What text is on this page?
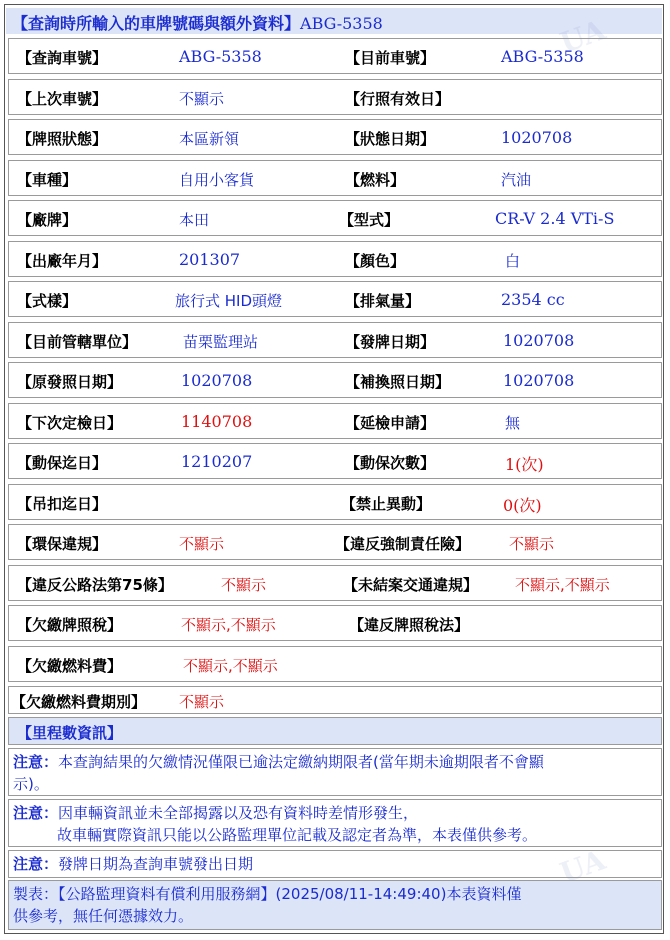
【查詢時所輸入的車牌號碼與額外資料】ABG-5358
【查詢車號】	ABG-5358	【目前車號】	ABG-5358
【上次車號】	不顯示	【行照有效日】
【牌照狀態】	本區新領	【狀態日期】	1020708
【車種】	自用小客貨	【燃料】	汽油
【廠牌】	本田	【型式】	CR-V 2.4 VTi-S
【出廠年月】	201307	【顏色】	白
【式樣】	旅行式 HID頭燈	【排氣量】	2354 cc
【目前管轄單位】	苗栗監理站	【發牌日期】	1020708
【原發照日期】	1020708	【補換照日期】	1020708
【下次定檢日】	1140708	【延檢申請】	無
【動保迄日】	1210207	【動保次數】	1(次)
【吊扣迄日】	【禁止異動】	0(次)
【環保違規】	不顯示	【違反強制責任險】	不顯示
【違反公路法第75條】	不顯示	【未結案交通違規】 不顯示,不顯示
【欠繳牌照稅】	不顯示,不顯示	【違反牌照稅法】
【欠繳燃料費】	不顯示,不顯示
【欠繳燃料費期別】 不顯示
【里程數資訊】
注意：本查詢結果的欠繳情況僅限已逾法定繳納期限者(當年期未逾期限者不會顯
示)。
注意：因車輛資訊並未全部揭露以及恐有資料時差情形發生，
故車輛實際資訊只能以公路監理單位記載及認定者為準，本表僅供參考。
注意：發牌日期為查詢車號發出日期
製表：【公路監理資料有償利用服務網】(2025/08/11-14:49:40)本表資料僅
供參考，無任何憑據效力。
